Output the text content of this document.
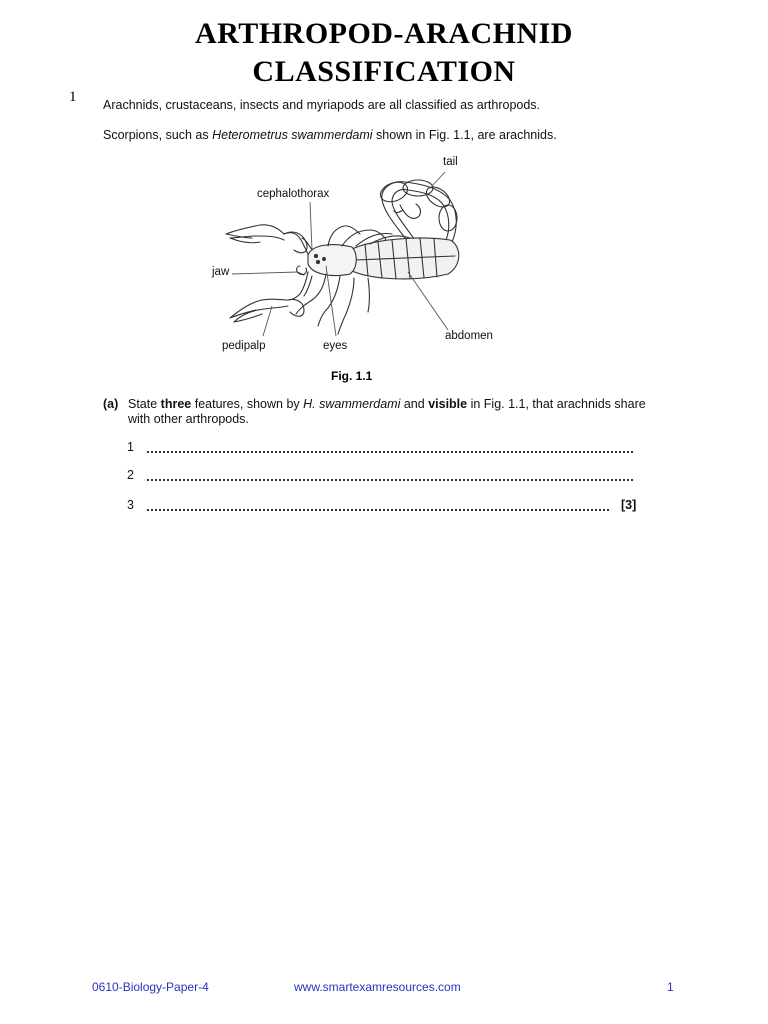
ARTHROPOD-ARACHNID
CLASSIFICATION
1 Arachnids, crustaceans, insects and myriapods are all classified as arthropods.
Scorpions, such as Heterometrus swammerdami shown in Fig. 1.1, are arachnids.
tail
cephalothorax
jaw
pedipalp	eyes
abdomen
Fig. 1.1
(a) State three features, shown by H. swammerdami and visible in Fig. 1.1, that arachnids share with other arthropods.
1
2
3	[3]
0610-Biology-Paper-4	www.smartexamresources.com	1
